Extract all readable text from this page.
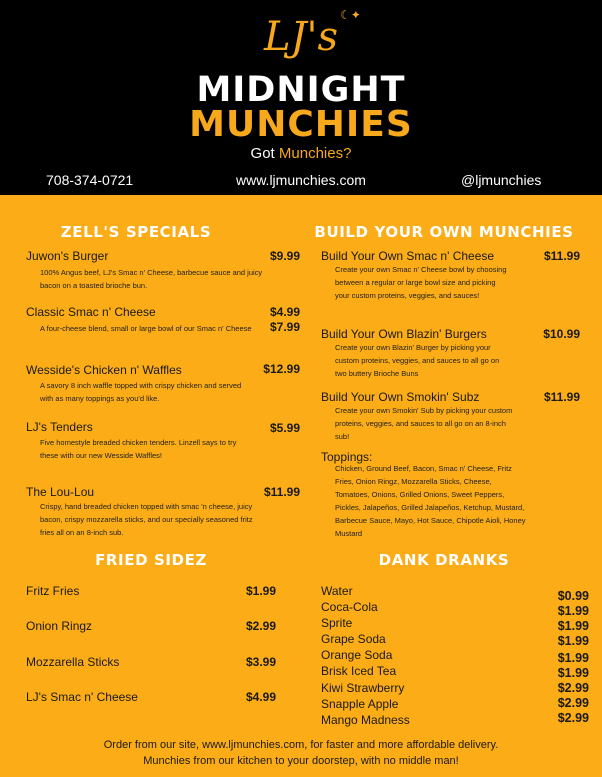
LJ's ☾✦
MIDNIGHT
MUNCHIES
Got Munchies?
708-374-0721	www.ljmunchies.com	@ljmunchies
ZELL'S SPECIALS
Juwon's Burger	$9.99
100% Angus beef, LJ's Smac n' Cheese, barbecue sauce and juicy bacon on a toasted brioche bun.
Classic Smac n' Cheese	$4.99
$7.99
A four-cheese blend, small or large bowl of our Smac n' Cheese
Wesside's Chicken n' Waffles	$12.99
A savory 8 inch waffle topped with crispy chicken and served with as many toppings as you'd like.
LJ's Tenders	$5.99
Five homestyle breaded chicken tenders. Linzell says to try these with our new Wesside Waffles!
The Lou-Lou	$11.99
Crispy, hand breaded chicken topped with smac 'n cheese, juicy bacon, crispy mozzarella sticks, and our specially seasoned fritz fries all on an 8-inch sub.
BUILD YOUR OWN MUNCHIES
Build Your Own Smac n' Cheese	$11.99
Create your own Smac n' Cheese bowl by choosing between a regular or large bowl size and picking your custom proteins, veggies, and sauces!
Build Your Own Blazin' Burgers	$10.99
Create your own Blazin' Burger by picking your custom proteins, veggies, and sauces to all go on two buttery Brioche Buns
Build Your Own Smokin' Subz	$11.99
Create your own Smokin' Sub by picking your custom proteins, veggies, and sauces to all go on an 8-inch sub!
Toppings:
Chicken, Ground Beef, Bacon, Smac n' Cheese, Fritz Fries, Onion Ringz, Mozzarella Sticks, Cheese, Tomatoes, Onions, Grilled Onions, Sweet Peppers, Pickles, Jalapeños, Grilled Jalapeños, Ketchup, Mustard, Barbecue Sauce, Mayo, Hot Sauce, Chipotle Aioli, Honey Mustard
FRIED SIDEZ
Fritz Fries	$1.99
Onion Ringz	$2.99
Mozzarella Sticks	$3.99
LJ's Smac n' Cheese	$4.99
DANK DRANKS
Water	$0.99
Coca-Cola	$1.99
Sprite	$1.99
Grape Soda	$1.99
Orange Soda	$1.99
Brisk Iced Tea	$1.99
Kiwi Strawberry	$2.99
Snapple Apple	$2.99
Mango Madness	$2.99
Order from our site, www.ljmunchies.com, for faster and more affordable delivery.
Munchies from our kitchen to your doorstep, with no middle man!
